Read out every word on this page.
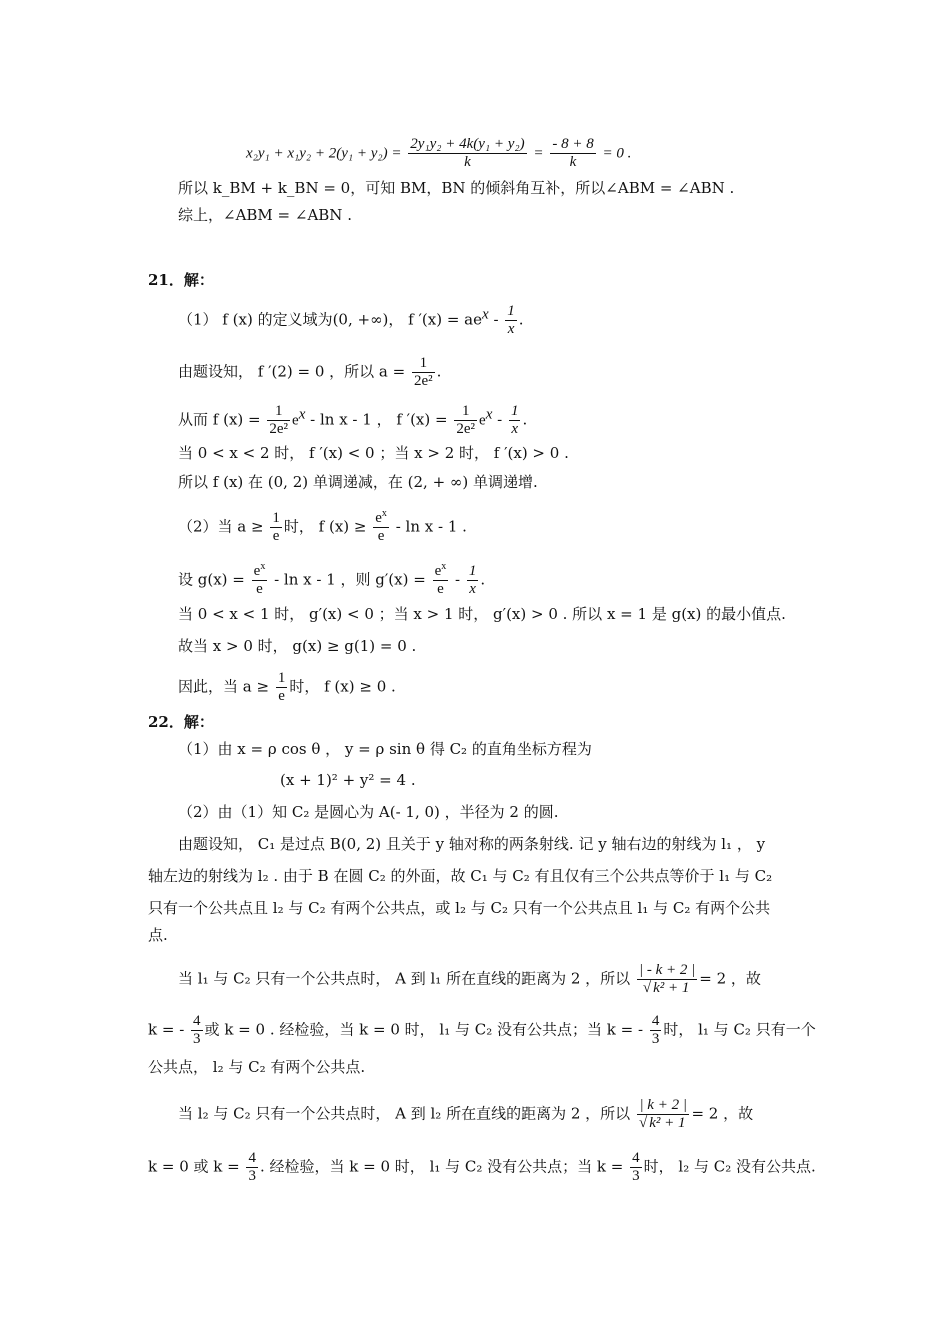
$x_2y_1 + x_1y_2 + 2(y_1 + y_2) = \frac{\text{2y₁y₂ + 4k(y₁ + y₂)}}{k} = \frac{- 8 + 8}{k} = 0$ .
所以 k_BM + k_BN = 0，可知 BM，BN 的倾斜角互补，所以∠ABM = ∠ABN .
综上，∠ABM = ∠ABN .
21．解：
（1） f (x) 的定义域为(0, +∞)， f $'(x) = ae^x - \frac{1}{x}$ .
由题设知， f ′(2) = 0 ，所以 $a = \frac{1}{\text{2e²}}$ .
从而 f $(x) = \frac{1}{\text{2e²}} e^x - \ln x - 1$ ， f $'(x) = \frac{1}{\text{2e²}} e^x - \frac{1}{x}$ .
当 0 < x < 2 时， f ′(x) < 0 ；当 x > 2 时， f ′(x) > 0 .
所以 f (x) 在 (0, 2) 单调递减，在 (2, + ∞) 单调递增.
（2）当 $a \ge \frac{1}{e}$ 时， f $(x) \ge \frac{e^x}{e} - \ln x - 1$ .
设 $g(x) = \frac{e^x}{e} - \ln x - 1$ ，则 $g'(x) = \frac{e^x}{e} - \frac{1}{x}$ .
当 0 < x < 1 时， g′(x) < 0 ；当 x > 1 时， g′(x) > 0 . 所以 x = 1 是 g(x) 的最小值点.
故当 x > 0 时， g(x) ≥ g(1) = 0 .
因此，当 $a \ge \frac{1}{e}$ 时， f (x) ≥ 0 .
22．解：
（1）由 x = ρ cos θ ， y = ρ sin θ 得 C₂ 的直角坐标方程为
(x + 1)² + y² = 4 .
（2）由（1）知 C₂ 是圆心为 A(- 1, 0) ，半径为 2 的圆.
由题设知， C₁ 是过点 B(0, 2) 且关于 y 轴对称的两条射线. 记 y 轴右边的射线为 l₁ ， y
轴左边的射线为 l₂ . 由于 B 在圆 C₂ 的外面，故 C₁ 与 C₂ 有且仅有三个公共点等价于 l₁ 与 C₂
只有一个公共点且 l₂ 与 C₂ 有两个公共点，或 l₂ 与 C₂ 只有一个公共点且 l₁ 与 C₂ 有两个公共
点.
当 l₁ 与 C₂ 只有一个公共点时， A 到 l₁ 所在直线的距离为 2 ，所以 $\frac{| - k + 2 |}{\text{√ k² + 1}} = 2$ ，故
k = - $\frac{4}{3}$ 或 k = 0 . 经检验，当 k = 0 时， l₁ 与 C₂ 没有公共点；当 k = - $\frac{4}{3}$ 时， l₁ 与 C₂ 只有一个
公共点， l₂ 与 C₂ 有两个公共点.
当 l₂ 与 C₂ 只有一个公共点时， A 到 l₂ 所在直线的距离为 2 ，所以 $\frac{| k + 2 |}{\text{√ k² + 1}} = 2$ ，故
k = 0 或 $k = \frac{4}{3}$ . 经检验，当 k = 0 时， l₁ 与 C₂ 没有公共点；当 $k = \frac{4}{3}$ 时， l₂ 与 C₂ 没有公共点.
